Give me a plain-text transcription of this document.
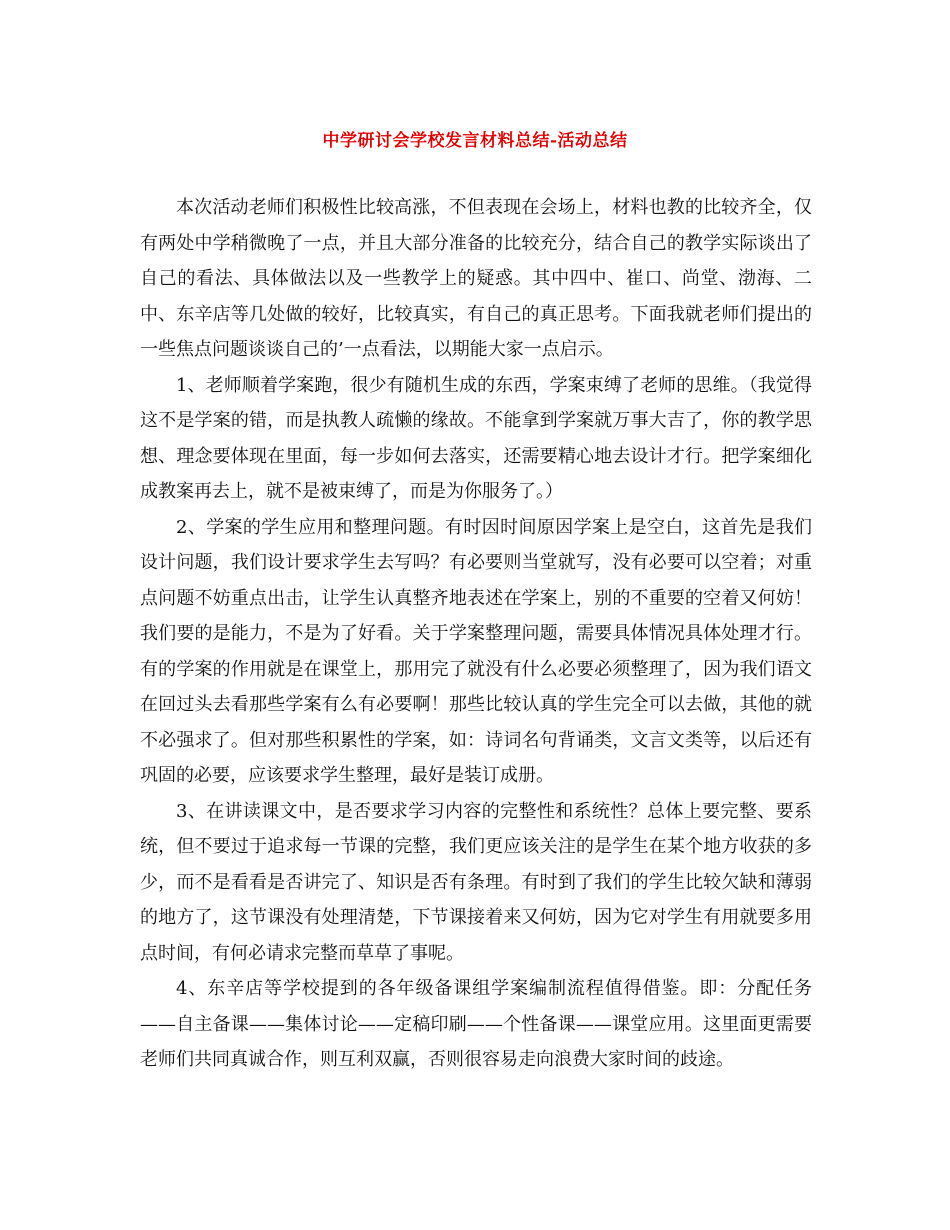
中学研讨会学校发言材料总结-活动总结

本次活动老师们积极性比较高涨，不但表现在会场上，材料也教的比较齐全，仅有两处中学稍微晚了一点，并且大部分准备的比较充分，结合自己的教学实际谈出了自己的看法、具体做法以及一些教学上的疑惑。其中四中、崔口、尚堂、渤海、二中、东辛店等几处做的较好，比较真实，有自己的真正思考。下面我就老师们提出的一些焦点问题谈谈自己的’一点看法，以期能大家一点启示。

1、老师顺着学案跑，很少有随机生成的东西，学案束缚了老师的思维。（我觉得这不是学案的错，而是执教人疏懒的缘故。不能拿到学案就万事大吉了，你的教学思想、理念要体现在里面，每一步如何去落实，还需要精心地去设计才行。把学案细化成教案再去上，就不是被束缚了，而是为你服务了。）

2、学案的学生应用和整理问题。有时因时间原因学案上是空白，这首先是我们设计问题，我们设计要求学生去写吗？有必要则当堂就写，没有必要可以空着；对重点问题不妨重点出击，让学生认真整齐地表述在学案上，别的不重要的空着又何妨！我们要的是能力，不是为了好看。关于学案整理问题，需要具体情况具体处理才行。有的学案的作用就是在课堂上，那用完了就没有什么必要必须整理了，因为我们语文在回过头去看那些学案有么有必要啊！那些比较认真的学生完全可以去做，其他的就不必强求了。但对那些积累性的学案，如：诗词名句背诵类，文言文类等，以后还有巩固的必要，应该要求学生整理，最好是装订成册。

3、在讲读课文中，是否要求学习内容的完整性和系统性？总体上要完整、要系统，但不要过于追求每一节课的完整，我们更应该关注的是学生在某个地方收获的多少，而不是看看是否讲完了、知识是否有条理。有时到了我们的学生比较欠缺和薄弱的地方了，这节课没有处理清楚，下节课接着来又何妨，因为它对学生有用就要多用点时间，有何必请求完整而草草了事呢。

4、东辛店等学校提到的各年级备课组学案编制流程值得借鉴。即：分配任务——自主备课——集体讨论——定稿印刷——个性备课——课堂应用。这里面更需要老师们共同真诚合作，则互利双赢，否则很容易走向浪费大家时间的歧途。
